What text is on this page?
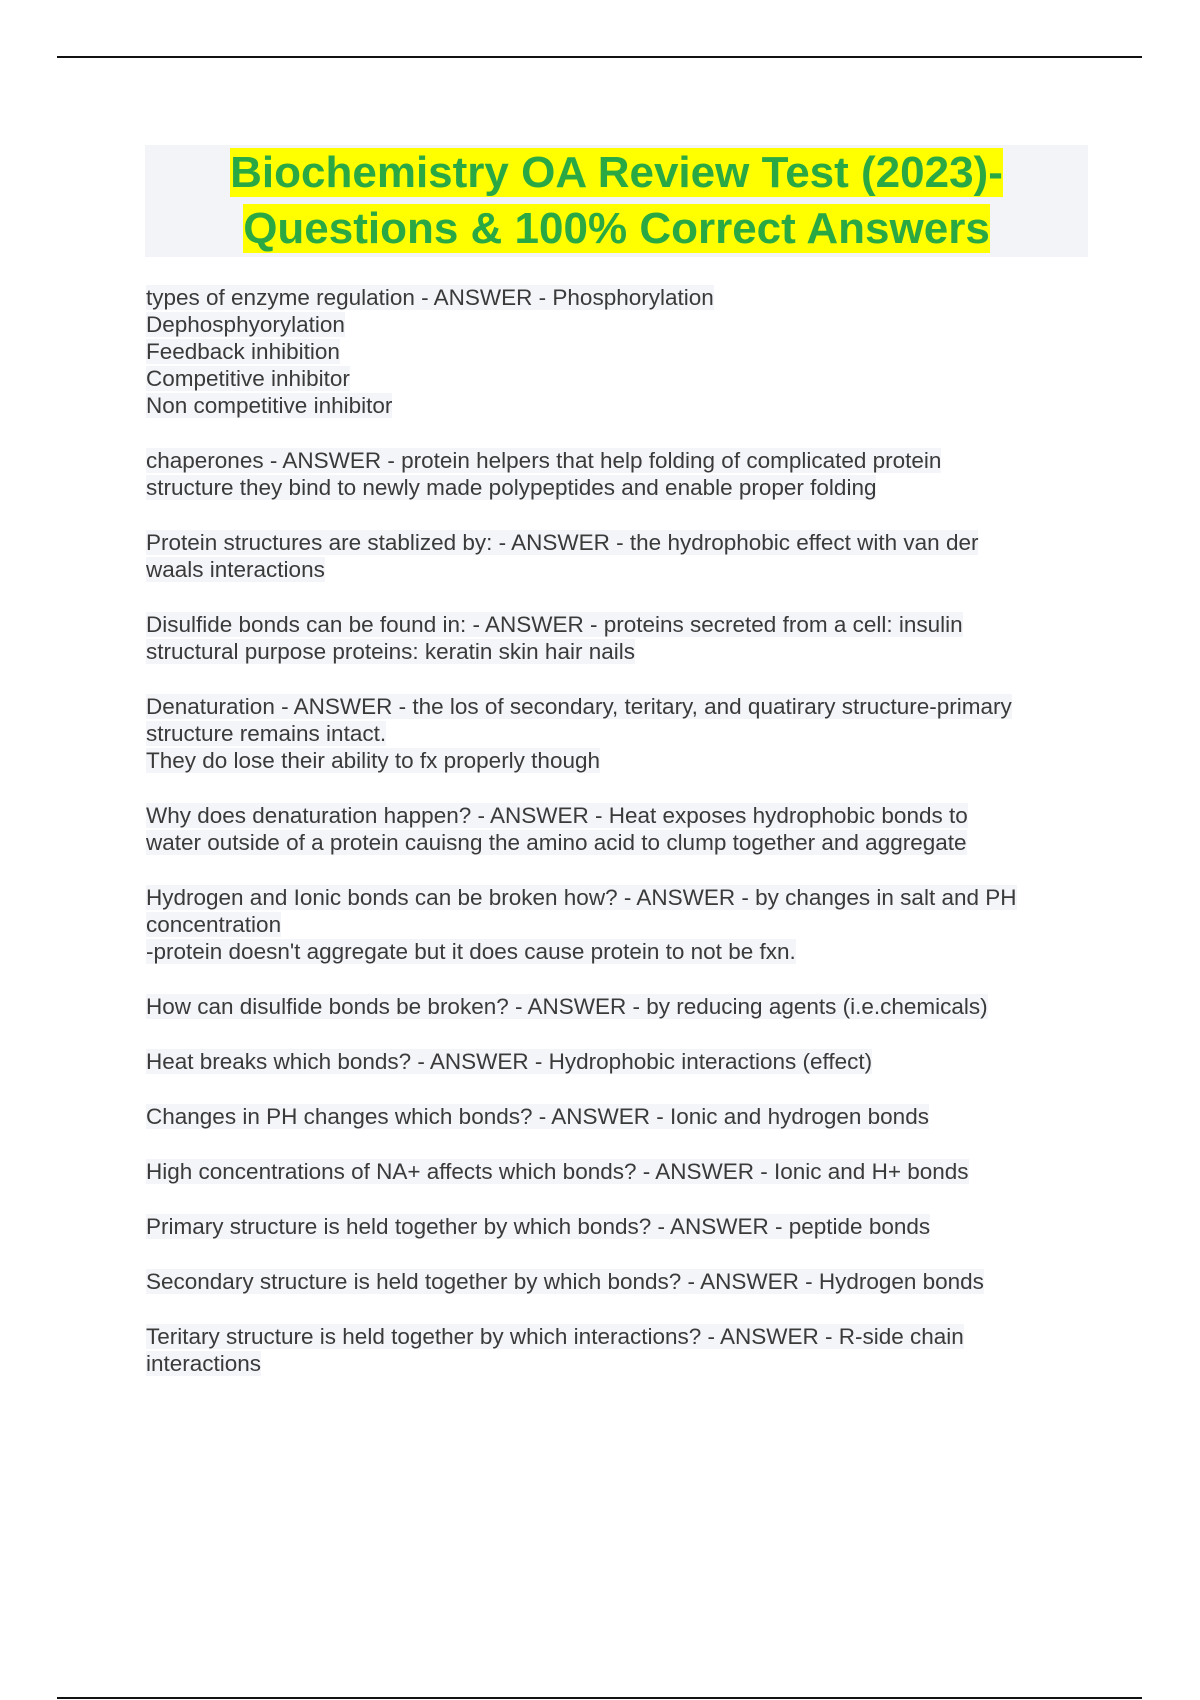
Biochemistry OA Review Test (2023)-
Questions & 100% Correct Answers
types of enzyme regulation - ANSWER - Phosphorylation
Dephosphyorylation
Feedback inhibition
Competitive inhibitor
Non competitive inhibitor
chaperones - ANSWER - protein helpers that help folding of complicated protein
structure they bind to newly made polypeptides and enable proper folding
Protein structures are stablized by: - ANSWER - the hydrophobic effect with van der
waals interactions
Disulfide bonds can be found in: - ANSWER - proteins secreted from a cell: insulin
structural purpose proteins: keratin skin hair nails
Denaturation - ANSWER - the los of secondary, teritary, and quatirary structure-primary
structure remains intact.
They do lose their ability to fx properly though
Why does denaturation happen? - ANSWER - Heat exposes hydrophobic bonds to
water outside of a protein cauisng the amino acid to clump together and aggregate
Hydrogen and Ionic bonds can be broken how? - ANSWER - by changes in salt and PH
concentration
-protein doesn't aggregate but it does cause protein to not be fxn.
How can disulfide bonds be broken? - ANSWER - by reducing agents (i.e.chemicals)
Heat breaks which bonds? - ANSWER - Hydrophobic interactions (effect)
Changes in PH changes which bonds? - ANSWER - Ionic and hydrogen bonds
High concentrations of NA+ affects which bonds? - ANSWER - Ionic and H+ bonds
Primary structure is held together by which bonds? - ANSWER - peptide bonds
Secondary structure is held together by which bonds? - ANSWER - Hydrogen bonds
Teritary structure is held together by which interactions? - ANSWER - R-side chain
interactions
